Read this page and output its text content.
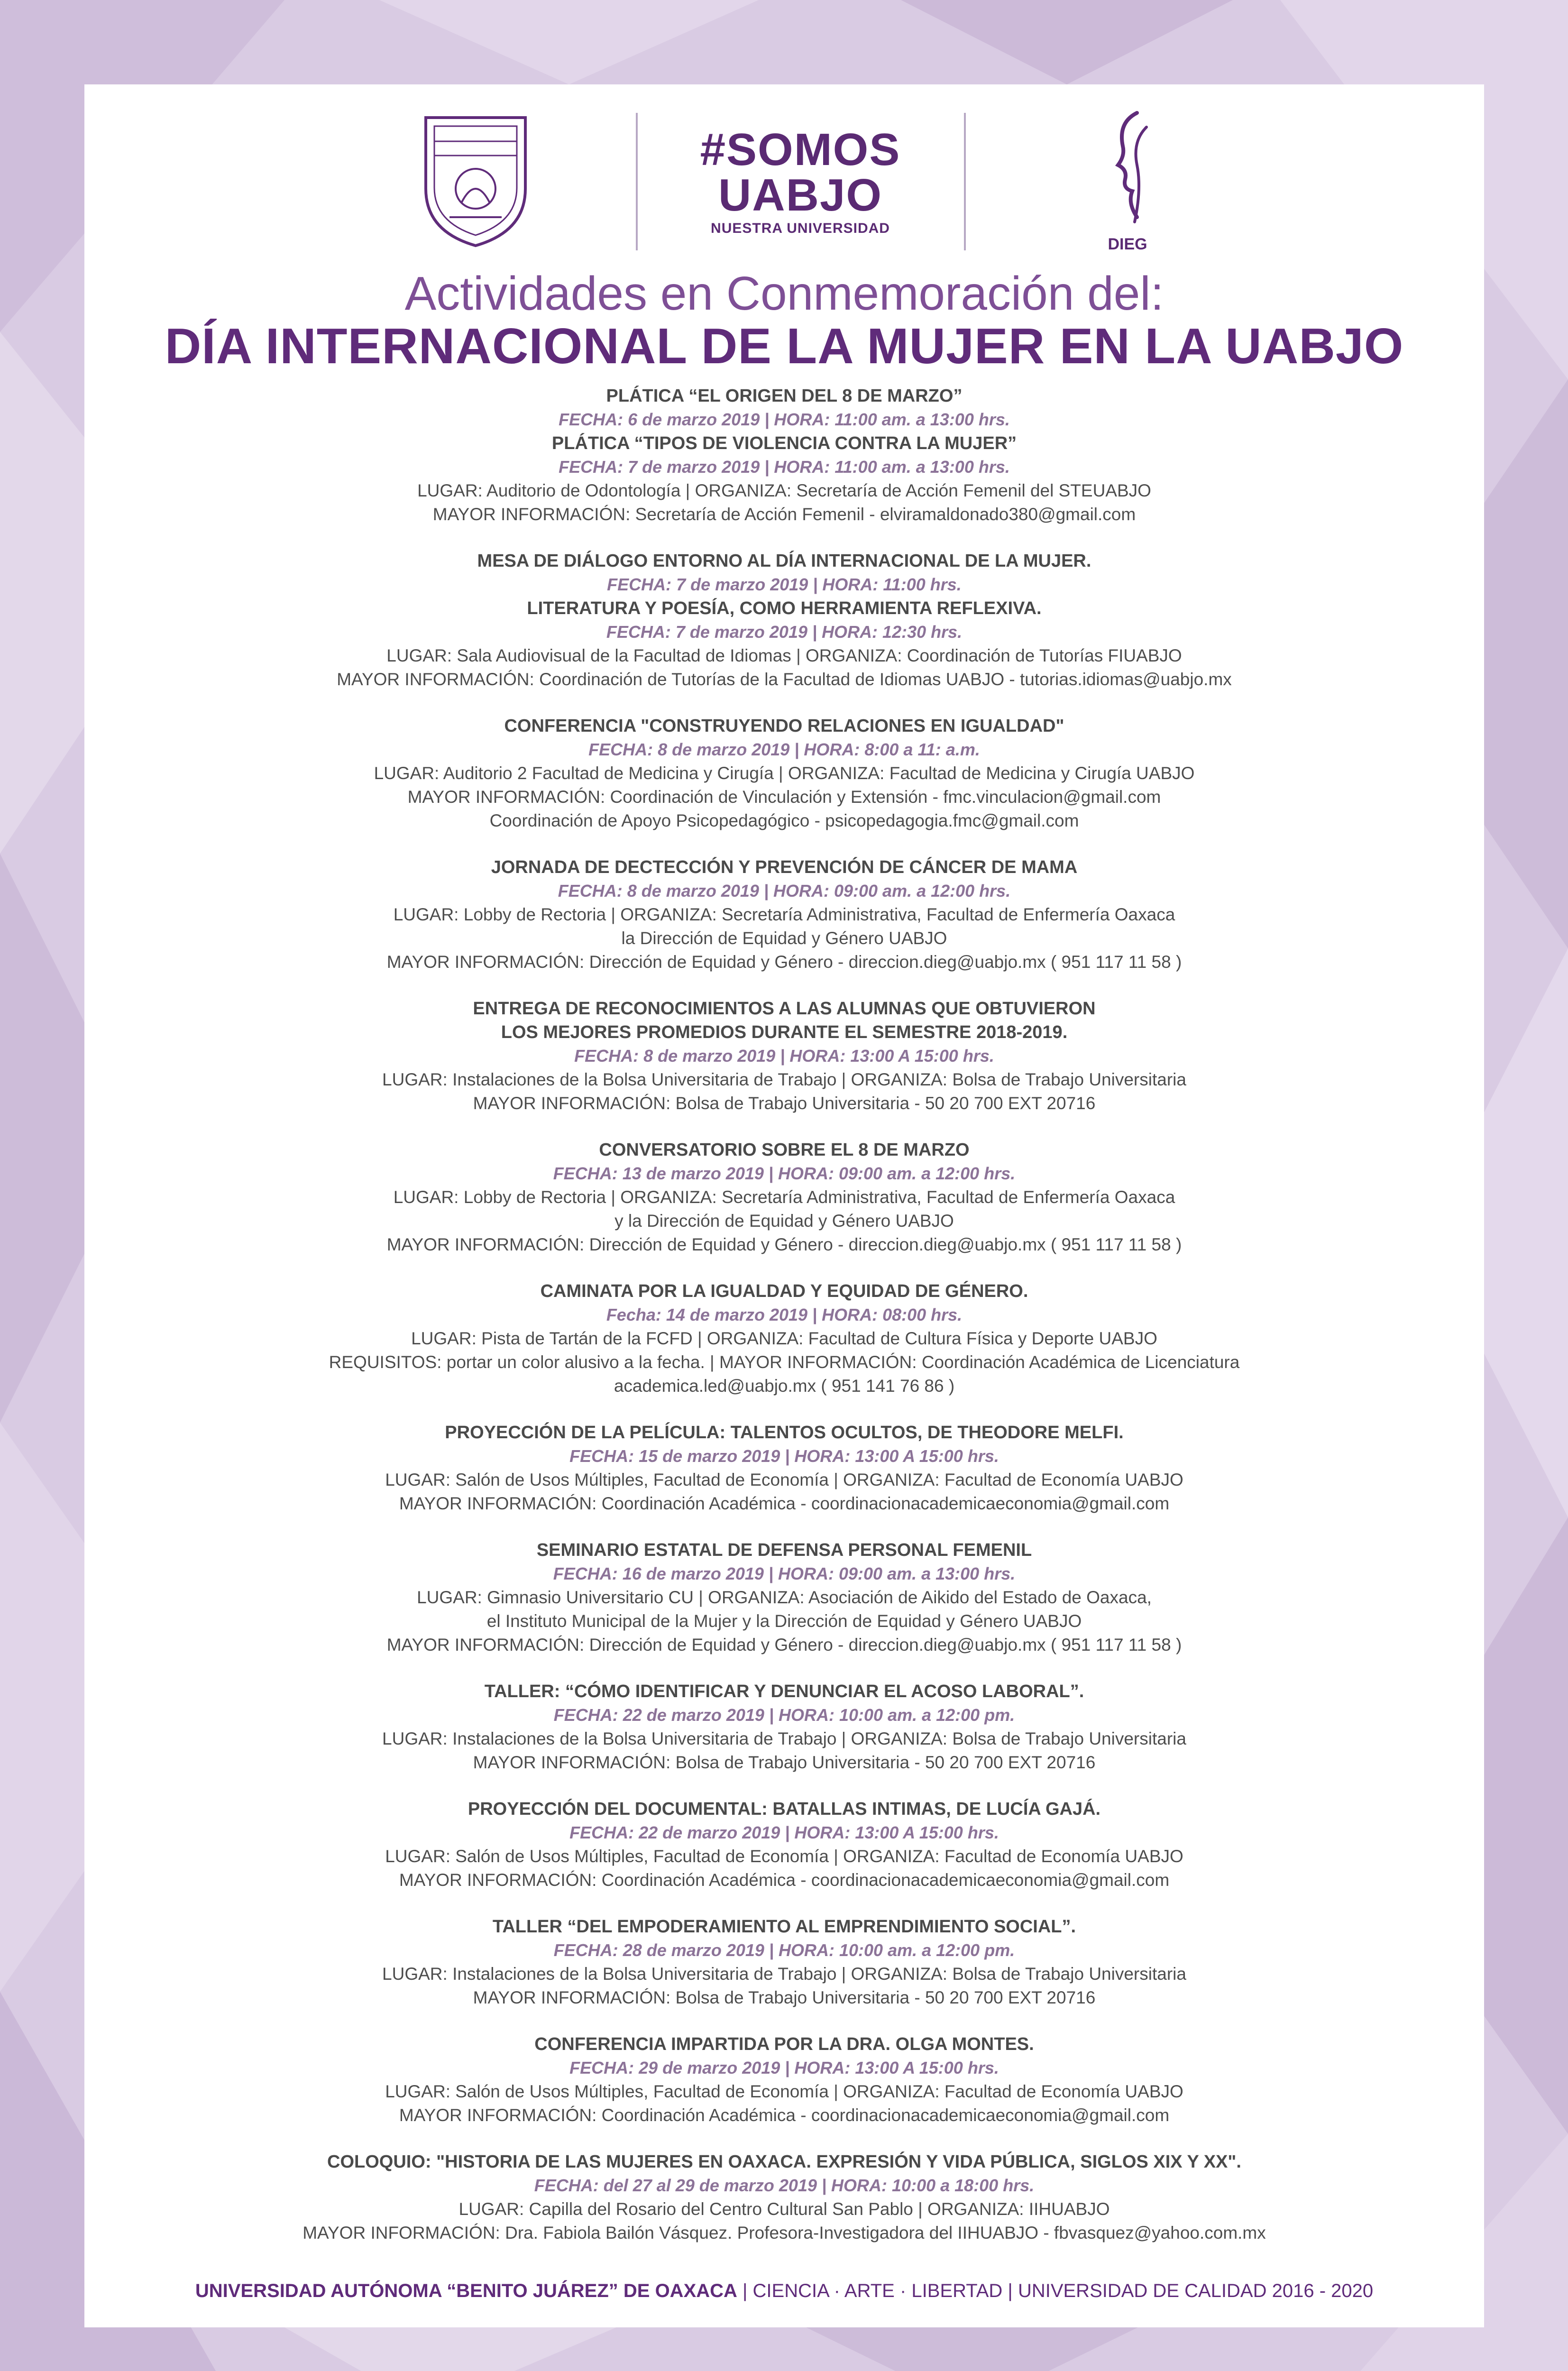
#SOMOS
UABJO
NUESTRA UNIVERSIDAD
DIEG
Actividades en Conmemoración del:
DÍA INTERNACIONAL DE LA MUJER EN LA UABJO
PLÁTICA “EL ORIGEN DEL 8 DE MARZO”
FECHA: 6 de marzo 2019 | HORA: 11:00 am. a 13:00 hrs.
PLÁTICA “TIPOS DE VIOLENCIA CONTRA LA MUJER”
FECHA: 7 de marzo 2019 | HORA: 11:00 am. a 13:00 hrs.
LUGAR: Auditorio de Odontología | ORGANIZA: Secretaría de Acción Femenil del STEUABJO
MAYOR INFORMACIÓN: Secretaría de Acción Femenil - elviramaldonado380@gmail.com
MESA DE DIÁLOGO ENTORNO AL DÍA INTERNACIONAL DE LA MUJER.
FECHA: 7 de marzo 2019 | HORA: 11:00 hrs.
LITERATURA Y POESÍA, COMO HERRAMIENTA REFLEXIVA.
FECHA: 7 de marzo 2019 | HORA: 12:30 hrs.
LUGAR: Sala Audiovisual de la Facultad de Idiomas | ORGANIZA: Coordinación de Tutorías FIUABJO
MAYOR INFORMACIÓN: Coordinación de Tutorías de la Facultad de Idiomas UABJO - tutorias.idiomas@uabjo.mx
CONFERENCIA "CONSTRUYENDO RELACIONES EN IGUALDAD"
FECHA: 8 de marzo 2019 | HORA: 8:00 a 11: a.m.
LUGAR: Auditorio 2 Facultad de Medicina y Cirugía | ORGANIZA: Facultad de Medicina y Cirugía UABJO
MAYOR INFORMACIÓN: Coordinación de Vinculación y Extensión - fmc.vinculacion@gmail.com
Coordinación de Apoyo Psicopedagógico - psicopedagogia.fmc@gmail.com
JORNADA DE DECTECCIÓN Y PREVENCIÓN DE CÁNCER DE MAMA
FECHA: 8 de marzo 2019 | HORA: 09:00 am. a 12:00 hrs.
LUGAR: Lobby de Rectoria | ORGANIZA: Secretaría Administrativa, Facultad de Enfermería Oaxaca
la Dirección de Equidad y Género UABJO
MAYOR INFORMACIÓN: Dirección de Equidad y Género - direccion.dieg@uabjo.mx ( 951 117 11 58 )
ENTREGA DE RECONOCIMIENTOS A LAS ALUMNAS QUE OBTUVIERON
LOS MEJORES PROMEDIOS DURANTE EL SEMESTRE 2018-2019.
FECHA: 8 de marzo 2019 | HORA: 13:00 A 15:00 hrs.
LUGAR: Instalaciones de la Bolsa Universitaria de Trabajo | ORGANIZA: Bolsa de Trabajo Universitaria
MAYOR INFORMACIÓN: Bolsa de Trabajo Universitaria - 50 20 700 EXT 20716
CONVERSATORIO SOBRE EL 8 DE MARZO
FECHA: 13 de marzo 2019 | HORA: 09:00 am. a 12:00 hrs.
LUGAR: Lobby de Rectoria | ORGANIZA: Secretaría Administrativa, Facultad de Enfermería Oaxaca
y la Dirección de Equidad y Género UABJO
MAYOR INFORMACIÓN: Dirección de Equidad y Género - direccion.dieg@uabjo.mx ( 951 117 11 58 )
CAMINATA POR LA IGUALDAD Y EQUIDAD DE GÉNERO.
Fecha: 14 de marzo 2019 | HORA: 08:00 hrs.
LUGAR: Pista de Tartán de la FCFD | ORGANIZA: Facultad de Cultura Física y Deporte UABJO
REQUISITOS: portar un color alusivo a la fecha. | MAYOR INFORMACIÓN: Coordinación Académica de Licenciatura
academica.led@uabjo.mx ( 951 141 76 86 )
PROYECCIÓN DE LA PELÍCULA: TALENTOS OCULTOS, DE THEODORE MELFI.
FECHA: 15 de marzo 2019 | HORA: 13:00 A 15:00 hrs.
LUGAR: Salón de Usos Múltiples, Facultad de Economía | ORGANIZA: Facultad de Economía UABJO
MAYOR INFORMACIÓN: Coordinación Académica - coordinacionacademicaeconomia@gmail.com
SEMINARIO ESTATAL DE DEFENSA PERSONAL FEMENIL
FECHA: 16 de marzo 2019 | HORA: 09:00 am. a 13:00 hrs.
LUGAR: Gimnasio Universitario CU | ORGANIZA: Asociación de Aikido del Estado de Oaxaca,
el Instituto Municipal de la Mujer y la Dirección de Equidad y Género UABJO
MAYOR INFORMACIÓN: Dirección de Equidad y Género - direccion.dieg@uabjo.mx ( 951 117 11 58 )
TALLER: “CÓMO IDENTIFICAR Y DENUNCIAR EL ACOSO LABORAL”.
FECHA: 22 de marzo 2019 | HORA: 10:00 am. a 12:00 pm.
LUGAR: Instalaciones de la Bolsa Universitaria de Trabajo | ORGANIZA: Bolsa de Trabajo Universitaria
MAYOR INFORMACIÓN: Bolsa de Trabajo Universitaria - 50 20 700 EXT 20716
PROYECCIÓN DEL DOCUMENTAL: BATALLAS INTIMAS, DE LUCÍA GAJÁ.
FECHA: 22 de marzo 2019 | HORA: 13:00 A 15:00 hrs.
LUGAR: Salón de Usos Múltiples, Facultad de Economía | ORGANIZA: Facultad de Economía UABJO
MAYOR INFORMACIÓN: Coordinación Académica - coordinacionacademicaeconomia@gmail.com
TALLER “DEL EMPODERAMIENTO AL EMPRENDIMIENTO SOCIAL”.
FECHA: 28 de marzo 2019 | HORA: 10:00 am. a 12:00 pm.
LUGAR: Instalaciones de la Bolsa Universitaria de Trabajo | ORGANIZA: Bolsa de Trabajo Universitaria
MAYOR INFORMACIÓN: Bolsa de Trabajo Universitaria - 50 20 700 EXT 20716
CONFERENCIA IMPARTIDA POR LA DRA. OLGA MONTES.
FECHA: 29 de marzo 2019 | HORA: 13:00 A 15:00 hrs.
LUGAR: Salón de Usos Múltiples, Facultad de Economía | ORGANIZA: Facultad de Economía UABJO
MAYOR INFORMACIÓN: Coordinación Académica - coordinacionacademicaeconomia@gmail.com
COLOQUIO: "HISTORIA DE LAS MUJERES EN OAXACA. EXPRESIÓN Y VIDA PÚBLICA, SIGLOS XIX Y XX".
FECHA: del 27 al 29 de marzo 2019 | HORA: 10:00 a 18:00 hrs.
LUGAR: Capilla del Rosario del Centro Cultural San Pablo | ORGANIZA: IIHUABJO
MAYOR INFORMACIÓN: Dra. Fabiola Bailón Vásquez. Profesora-Investigadora del IIHUABJO - fbvasquez@yahoo.com.mx
UNIVERSIDAD AUTÓNOMA “BENITO JUÁREZ” DE OAXACA | CIENCIA · ARTE · LIBERTAD | UNIVERSIDAD DE CALIDAD 2016 - 2020
